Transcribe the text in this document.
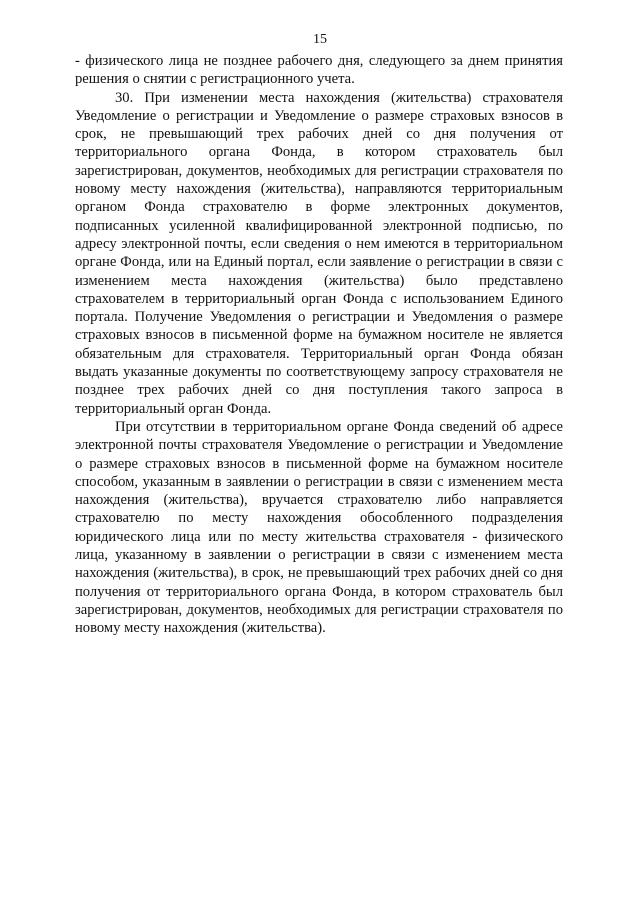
15

- физического лица не позднее рабочего дня, следующего за днем принятия решения о снятии с регистрационного учета.

30. При изменении места нахождения (жительства) страхователя Уведомление о регистрации и Уведомление о размере страховых взносов в срок, не превышающий трех рабочих дней со дня получения от территориального органа Фонда, в котором страхователь был зарегистрирован, документов, необходимых для регистрации страхователя по новому месту нахождения (жительства), направляются территориальным органом Фонда страхователю в форме электронных документов, подписанных усиленной квалифицированной электронной подписью, по адресу электронной почты, если сведения о нем имеются в территориальном органе Фонда, или на Единый портал, если заявление о регистрации в связи с изменением места нахождения (жительства) было представлено страхователем в территориальный орган Фонда с использованием Единого портала. Получение Уведомления о регистрации и Уведомления о размере страховых взносов в письменной форме на бумажном носителе не является обязательным для страхователя. Территориальный орган Фонда обязан выдать указанные документы по соответствующему запросу страхователя не позднее трех рабочих дней со дня поступления такого запроса в территориальный орган Фонда.

При отсутствии в территориальном органе Фонда сведений об адресе электронной почты страхователя Уведомление о регистрации и Уведомление о размере страховых взносов в письменной форме на бумажном носителе способом, указанным в заявлении о регистрации в связи с изменением места нахождения (жительства), вручается страхователю либо направляется страхователю по месту нахождения обособленного подразделения юридического лица или по месту жительства страхователя - физического лица, указанному в заявлении о регистрации в связи с изменением места нахождения (жительства), в срок, не превышающий трех рабочих дней со дня получения от территориального органа Фонда, в котором страхователь был зарегистрирован, документов, необходимых для регистрации страхователя по новому месту нахождения (жительства).
